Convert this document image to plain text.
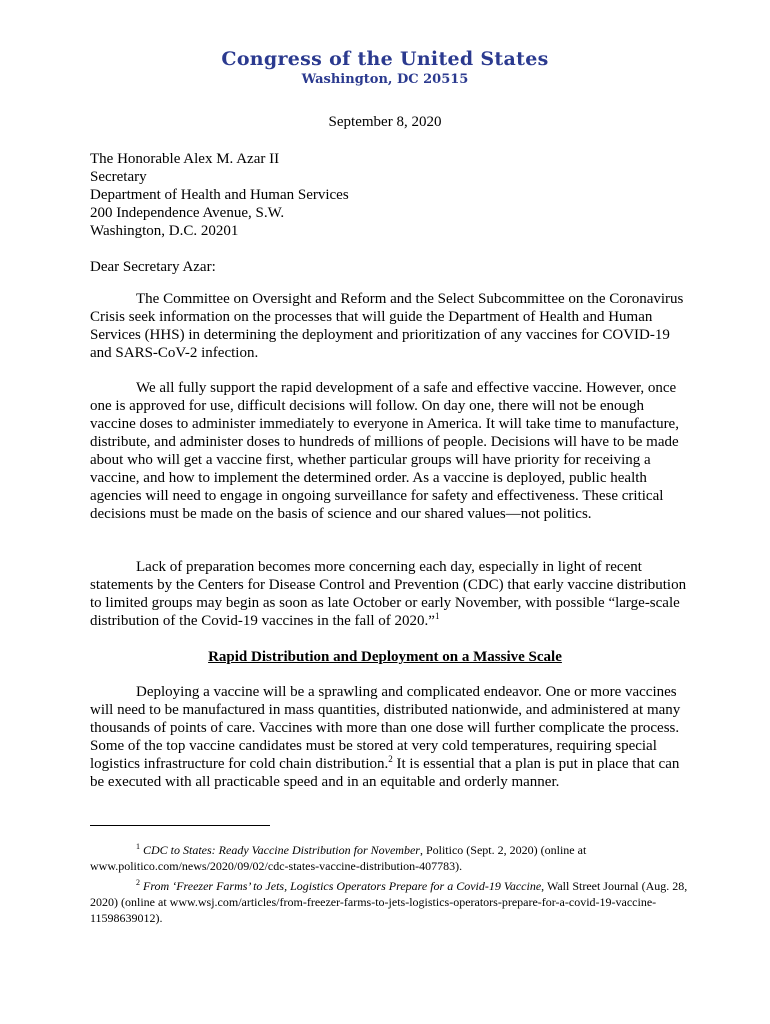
Congress of the United States
Washington, DC 20515
September 8, 2020
The Honorable Alex M. Azar II
Secretary
Department of Health and Human Services
200 Independence Avenue, S.W.
Washington, D.C. 20201
Dear Secretary Azar:

The Committee on Oversight and Reform and the Select Subcommittee on the Coronavirus Crisis seek information on the processes that will guide the Department of Health and Human Services (HHS) in determining the deployment and prioritization of any vaccines for COVID-19 and SARS-CoV-2 infection.

We all fully support the rapid development of a safe and effective vaccine. However, once one is approved for use, difficult decisions will follow. On day one, there will not be enough vaccine doses to administer immediately to everyone in America. It will take time to manufacture, distribute, and administer doses to hundreds of millions of people. Decisions will have to be made about who will get a vaccine first, whether particular groups will have priority for receiving a vaccine, and how to implement the determined order. As a vaccine is deployed, public health agencies will need to engage in ongoing surveillance for safety and effectiveness. These critical decisions must be made on the basis of science and our shared values—not politics.

Lack of preparation becomes more concerning each day, especially in light of recent statements by the Centers for Disease Control and Prevention (CDC) that early vaccine distribution to limited groups may begin as soon as late October or early November, with possible “large-scale distribution of the Covid-19 vaccines in the fall of 2020.”$^1$

Rapid Distribution and Deployment on a Massive Scale

Deploying a vaccine will be a sprawling and complicated endeavor. One or more vaccines will need to be manufactured in mass quantities, distributed nationwide, and administered at many thousands of points of care. Vaccines with more than one dose will further complicate the process. Some of the top vaccine candidates must be stored at very cold temperatures, requiring special logistics infrastructure for cold chain distribution.$^2$ It is essential that a plan is put in place that can be executed with all practicable speed and in an equitable and orderly manner.

$^1$ CDC to States: Ready Vaccine Distribution for November, Politico (Sept. 2, 2020) (online at www.politico.com/news/2020/09/02/cdc-states-vaccine-distribution-407783).
$^2$ From ‘Freezer Farms’ to Jets, Logistics Operators Prepare for a Covid-19 Vaccine, Wall Street Journal (Aug. 28, 2020) (online at www.wsj.com/articles/from-freezer-farms-to-jets-logistics-operators-prepare-for-a-covid-19-vaccine-11598639012).
